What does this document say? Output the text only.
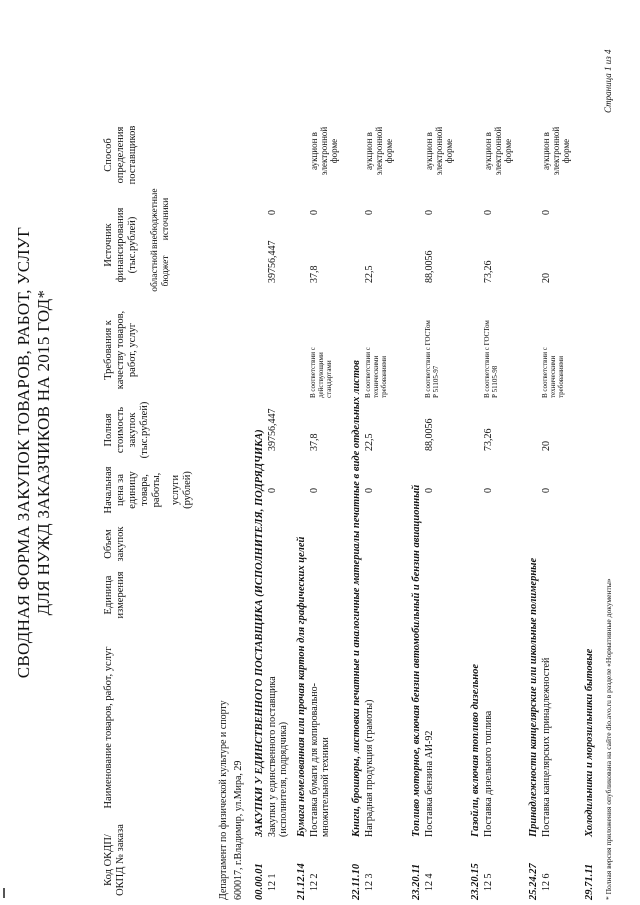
СВОДНАЯ ФОРМА ЗАКУПОК ТОВАРОВ, РАБОТ, УСЛУГ ДЛЯ НУЖД ЗАКАЗЧИКОВ НА 2015 ГОД*
Код ОКДП/ ОКПД № заказа
Наименование товаров, работ, услуг
Единица измерения
Объем закупок
Начальная цена за единицу товара, работы, услуги (рублей)
Полная стоимость закупок (тыс.рублей)
Требования к качеству товаров, работ, услуг
Департамент по физической культуре и спорту 600017, г.Владимир, ул.Мира, 29
Источник финансирования (тыс.рублей) областной бюджет
внебюджетные источники
Способ определения поставщиков
00.00.01
ЗАКУПКИ У ЕДИНСТВЕННОГО ПОСТАВЩИКА (ИСПОЛНИТЕЛЯ, ПОДРЯДЧИКА)
12 1
Закупки у единственного поставщика (исполнителя, подрядчика)
0
39756,447
39756,447
0
21.12.14
Бумага немелованная или прочая картон для графических целей
12 2
Поставка бумаги для копировально-множительной техники
0
37,8
В соответствии с действующими стандартами
37,8
0
аукцион в электронной форме
22.11.10
Книги, брошюры, листовки печатные и аналогичные материалы печатные в виде отдельных листов
12 3
Наградная продукция (грамоты)
0
22,5
В соответствии с техническими требованиями
22,5
0
аукцион в электронной форме
23.20.11
Топливо моторное, включая бензин автомобильный и бензин авиационный
12 4
Поставка бензина АИ-92
0
88,0056
В соответствии с ГОСТом Р 51105-97
88,0056
0
аукцион в электронной форме
23.20.15
Газойли, включая топливо дизельное
12 5
Поставка дизельного топлива
0
73,26
В соответствии с ГОСТом Р 51105-98
73,26
0
аукцион в электронной форме
25.24.27
Принадлежности канцелярские или школьные полимерные
12 6
Поставка канцелярских принадлежностей
0
20
В соответствии с техническими требованиями
20
0
аукцион в электронной форме
29.71.11
Холодильники и морозильники бытовые * Полная версия приложения опубликована на сайте dio.avo.ru в разделе «Нормативные документы»
Страница 1 из 4
